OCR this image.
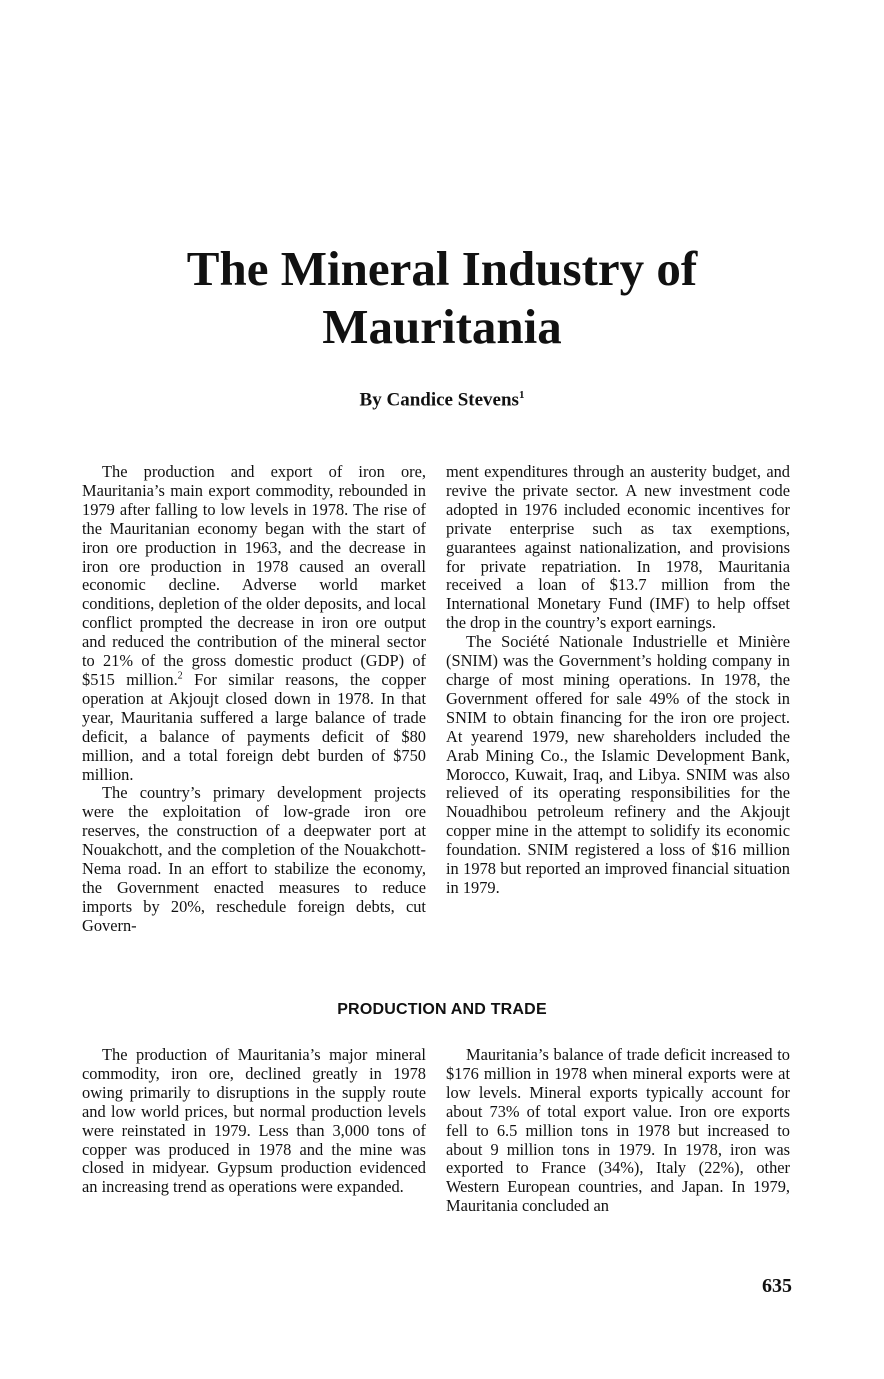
The Mineral Industry of
Mauritania
By Candice Stevens$^1$

The production and export of iron ore, Mauritania’s main export commodity, rebounded in 1979 after falling to low levels in 1978. The rise of the Mauritanian economy began with the start of iron ore production in 1963, and the decrease in iron ore production in 1978 caused an overall economic decline. Adverse world market conditions, depletion of the older deposits, and local conflict prompted the decrease in iron ore output and reduced the contribution of the mineral sector to 21% of the gross domestic product (GDP) of $515 million.$^2$ For similar reasons, the copper operation at Akjoujt closed down in 1978. In that year, Mauritania suffered a large balance of trade deficit, a balance of payments deficit of $80 million, and a total foreign debt burden of $750 million.

The country’s primary development projects were the exploitation of low-grade iron ore reserves, the construction of a deepwater port at Nouakchott, and the completion of the Nouakchott-Nema road. In an effort to stabilize the economy, the Government enacted measures to reduce imports by 20%, reschedule foreign debts, cut Govern-

ment expenditures through an austerity budget, and revive the private sector. A new investment code adopted in 1976 included economic incentives for private enterprise such as tax exemptions, guarantees against nationalization, and provisions for private repatriation. In 1978, Mauritania received a loan of $13.7 million from the International Monetary Fund (IMF) to help offset the drop in the country’s export earnings.

The Société Nationale Industrielle et Minière (SNIM) was the Government’s holding company in charge of most mining operations. In 1978, the Government offered for sale 49% of the stock in SNIM to obtain financing for the iron ore project. At yearend 1979, new shareholders included the Arab Mining Co., the Islamic Development Bank, Morocco, Kuwait, Iraq, and Libya. SNIM was also relieved of its operating responsibilities for the Nouadhibou petroleum refinery and the Akjoujt copper mine in the attempt to solidify its economic foundation. SNIM registered a loss of $16 million in 1978 but reported an improved financial situation in 1979.

PRODUCTION AND TRADE

The production of Mauritania’s major mineral commodity, iron ore, declined greatly in 1978 owing primarily to disruptions in the supply route and low world prices, but normal production levels were reinstated in 1979. Less than 3,000 tons of copper was produced in 1978 and the mine was closed in midyear. Gypsum production evidenced an increasing trend as operations were expanded.

Mauritania’s balance of trade deficit increased to $176 million in 1978 when mineral exports were at low levels. Mineral exports typically account for about 73% of total export value. Iron ore exports fell to 6.5 million tons in 1978 but increased to about 9 million tons in 1979. In 1978, iron was exported to France (34%), Italy (22%), other Western European countries, and Japan. In 1979, Mauritania concluded an

635
